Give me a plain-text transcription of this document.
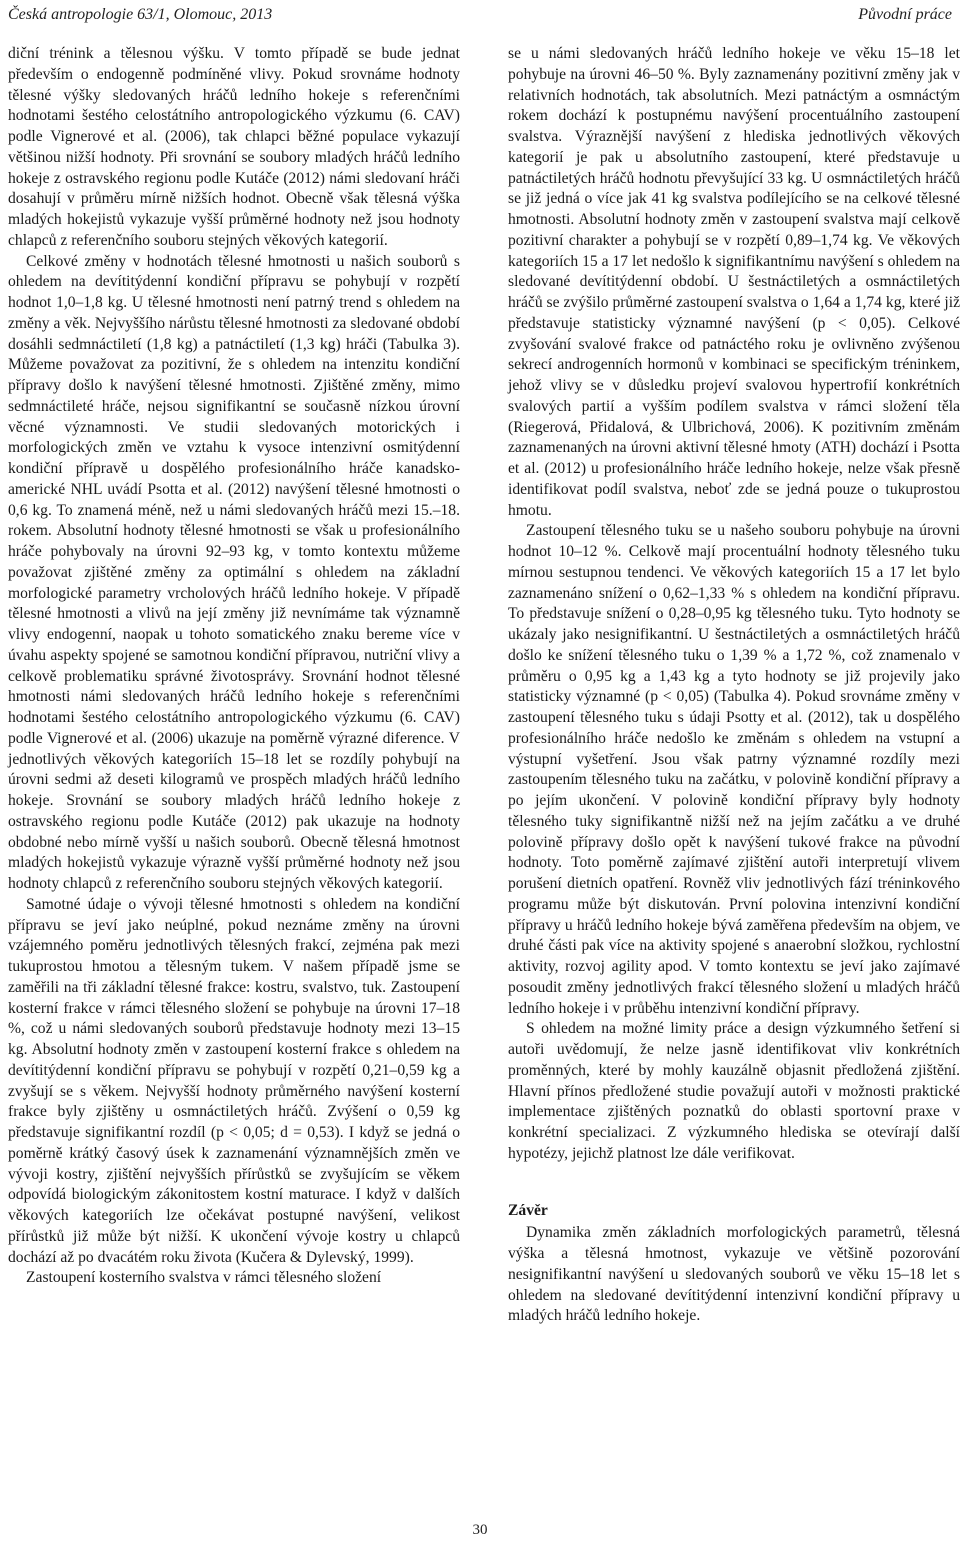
Česká antropologie 63/1, Olomouc, 2013	Původní práce

diční trénink a tělesnou výšku. V tomto případě se bude jednat především o endogenně podmíněné vlivy. Pokud srovnáme hodnoty tělesné výšky sledovaných hráčů ledního hokeje s referenčními hodnotami šestého celostátního antropologického výzkumu (6. CAV) podle Vignerové et al. (2006), tak chlapci běžné populace vykazují většinou nižší hodnoty. Při srovnání se soubory mladých hráčů ledního hokeje z ostravského regionu podle Kutáče (2012) námi sledovaní hráči dosahují v průměru mírně nižších hodnot. Obecně však tělesná výška mladých hokejistů vykazuje vyšší průměrné hodnoty než jsou hodnoty chlapců z referenčního souboru stejných věkových kategorií.

Celkové změny v hodnotách tělesné hmotnosti u našich souborů s ohledem na devítitýdenní kondiční přípravu se pohybují v rozpětí hodnot 1,0–1,8 kg. U tělesné hmotnosti není patrný trend s ohledem na změny a věk. Nejvyššího nárůstu tělesné hmotnosti za sledované období dosáhli sedmnáctiletí (1,8 kg) a patnáctiletí (1,3 kg) hráči (Tabulka 3). Můžeme považovat za pozitivní, že s ohledem na intenzitu kondiční přípravy došlo k navýšení tělesné hmotnosti. Zjištěné změny, mimo sedmnáctileté hráče, nejsou signifikantní se současně nízkou úrovní věcné významnosti. Ve studii sledovaných motorických i morfologických změn ve vztahu k vysoce intenzivní osmitýdenní kondiční přípravě u dospělého profesionálního hráče kanadsko-americké NHL uvádí Psotta et al. (2012) navýšení tělesné hmotnosti o 0,6 kg. To znamená méně, než u námi sledovaných hráčů mezi 15.–18. rokem. Absolutní hodnoty tělesné hmotnosti se však u profesionálního hráče pohybovaly na úrovni 92–93 kg, v tomto kontextu můžeme považovat zjištěné změny za optimální s ohledem na základní morfologické parametry vrcholových hráčů ledního hokeje. V případě tělesné hmotnosti a vlivů na její změny již nevnímáme tak významně vlivy endogenní, naopak u tohoto somatického znaku bereme více v úvahu aspekty spojené se samotnou kondiční přípravou, nutriční vlivy a celkově problematiku správné životosprávy. Srovnání hodnot tělesné hmotnosti námi sledovaných hráčů ledního hokeje s referenčními hodnotami šestého celostátního antropologického výzkumu (6. CAV) podle Vignerové et al. (2006) ukazuje na poměrně výrazné diference. V jednotlivých věkových kategoriích 15–18 let se rozdíly pohybují na úrovni sedmi až deseti kilogramů ve prospěch mladých hráčů ledního hokeje. Srovnání se soubory mladých hráčů ledního hokeje z ostravského regionu podle Kutáče (2012) pak ukazuje na hodnoty obdobné nebo mírně vyšší u našich souborů. Obecně tělesná hmotnost mladých hokejistů vykazuje výrazně vyšší průměrné hodnoty než jsou hodnoty chlapců z referenčního souboru stejných věkových kategorií.

Samotné údaje o vývoji tělesné hmotnosti s ohledem na kondiční přípravu se jeví jako neúplné, pokud neznáme změny na úrovni vzájemného poměru jednotlivých tělesných frakcí, zejména pak mezi tukuprostou hmotou a tělesným tukem. V našem případě jsme se zaměřili na tři základní tělesné frakce: kostru, svalstvo, tuk. Zastoupení kosterní frakce v rámci tělesného složení se pohybuje na úrovni 17–18 %, což u námi sledovaných souborů představuje hodnoty mezi 13–15 kg. Absolutní hodnoty změn v zastoupení kosterní frakce s ohledem na devítitýdenní kondiční přípravu se pohybují v rozpětí 0,21–0,59 kg a zvyšují se s věkem. Nejvyšší hodnoty průměrného navýšení kosterní frakce byly zjištěny u osmnáctiletých hráčů. Zvýšení o 0,59 kg představuje signifikantní rozdíl (p < 0,05; d = 0,53). I když se jedná o poměrně krátký časový úsek k zaznamenání významnějších změn ve vývoji kostry, zjištění nejvyšších přírůstků se zvyšujícím se věkem odpovídá biologickým zákonitostem kostní maturace. I když v dalších věkových kategoriích lze očekávat postupné navýšení, velikost přírůstků již může být nižší. K ukončení vývoje kostry u chlapců dochází až po dvacátém roku života (Kučera & Dylevský, 1999).

Zastoupení kosterního svalstva v rámci tělesného složení

se u námi sledovaných hráčů ledního hokeje ve věku 15–18 let pohybuje na úrovni 46–50 %. Byly zaznamenány pozitivní změny jak v relativních hodnotách, tak absolutních. Mezi patnáctým a osmnáctým rokem dochází k postupnému navýšení procentuálního zastoupení svalstva. Výraznější navýšení z hlediska jednotlivých věkových kategorií je pak u absolutního zastoupení, které představuje u patnáctiletých hráčů hodnotu převyšující 33 kg. U osmnáctiletých hráčů se již jedná o více jak 41 kg svalstva podílejícího se na celkové tělesné hmotnosti. Absolutní hodnoty změn v zastoupení svalstva mají celkově pozitivní charakter a pohybují se v rozpětí 0,89–1,74 kg. Ve věkových kategoriích 15 a 17 let nedošlo k signifikantnímu navýšení s ohledem na sledované devítitýdenní období. U šestnáctiletých a osmnáctiletých hráčů se zvýšilo průměrné zastoupení svalstva o 1,64 a 1,74 kg, které již představuje statisticky významné navýšení (p < 0,05). Celkové zvyšování svalové frakce od patnáctého roku je ovlivněno zvýšenou sekrecí androgenních hormonů v kombinaci se specifickým tréninkem, jehož vlivy se v důsledku projeví svalovou hypertrofií konkrétních svalových partií a vyšším podílem svalstva v rámci složení těla (Riegerová, Přidalová, & Ulbrichová, 2006). K pozitivním změnám zaznamenaných na úrovni aktivní tělesné hmoty (ATH) dochází i Psotta et al. (2012) u profesionálního hráče ledního hokeje, nelze však přesně identifikovat podíl svalstva, neboť zde se jedná pouze o tukuprostou hmotu.

Zastoupení tělesného tuku se u našeho souboru pohybuje na úrovni hodnot 10–12 %. Celkově mají procentuální hodnoty tělesného tuku mírnou sestupnou tendenci. Ve věkových kategoriích 15 a 17 let bylo zaznamenáno snížení o 0,62–1,33 % s ohledem na kondiční přípravu. To představuje snížení o 0,28–0,95 kg tělesného tuku. Tyto hodnoty se ukázaly jako nesignifikantní. U šestnáctiletých a osmnáctiletých hráčů došlo ke snížení tělesného tuku o 1,39 % a 1,72 %, což znamenalo v průměru o 0,95 kg a 1,43 kg a tyto hodnoty se již projevily jako statisticky významné (p < 0,05) (Tabulka 4). Pokud srovnáme změny v zastoupení tělesného tuku s údaji Psotty et al. (2012), tak u dospělého profesionálního hráče nedošlo ke změnám s ohledem na vstupní a výstupní vyšetření. Jsou však patrny významné rozdíly mezi zastoupením tělesného tuku na začátku, v polovině kondiční přípravy a po jejím ukončení. V polovině kondiční přípravy byly hodnoty tělesného tuky signifikantně nižší než na jejím začátku a ve druhé polovině přípravy došlo opět k navýšení tukové frakce na původní hodnoty. Toto poměrně zajímavé zjištění autoři interpretují vlivem porušení dietních opatření. Rovněž vliv jednotlivých fází tréninkového programu může být diskutován. První polovina intenzivní kondiční přípravy u hráčů ledního hokeje bývá zaměřena především na objem, ve druhé části pak více na aktivity spojené s anaerobní složkou, rychlostní aktivity, rozvoj agility apod. V tomto kontextu se jeví jako zajímavé posoudit změny jednotlivých frakcí tělesného složení u mladých hráčů ledního hokeje i v průběhu intenzivní kondiční přípravy.

S ohledem na možné limity práce a design výzkumného šetření si autoři uvědomují, že nelze jasně identifikovat vliv konkrétních proměnných, které by mohly kauzálně objasnit předložená zjištění. Hlavní přínos předložené studie považují autoři v možnosti praktické implementace zjištěných poznatků do oblasti sportovní praxe v konkrétní specializaci. Z výzkumného hlediska se otevírají další hypotézy, jejichž platnost lze dále verifikovat.

Závěr

Dynamika změn základních morfologických parametrů, tělesná výška a tělesná hmotnost, vykazuje ve většině pozorování nesignifikantní navýšení u sledovaných souborů ve věku 15–18 let s ohledem na sledované devítitýdenní intenzivní kondiční přípravy u mladých hráčů ledního hokeje.

30
